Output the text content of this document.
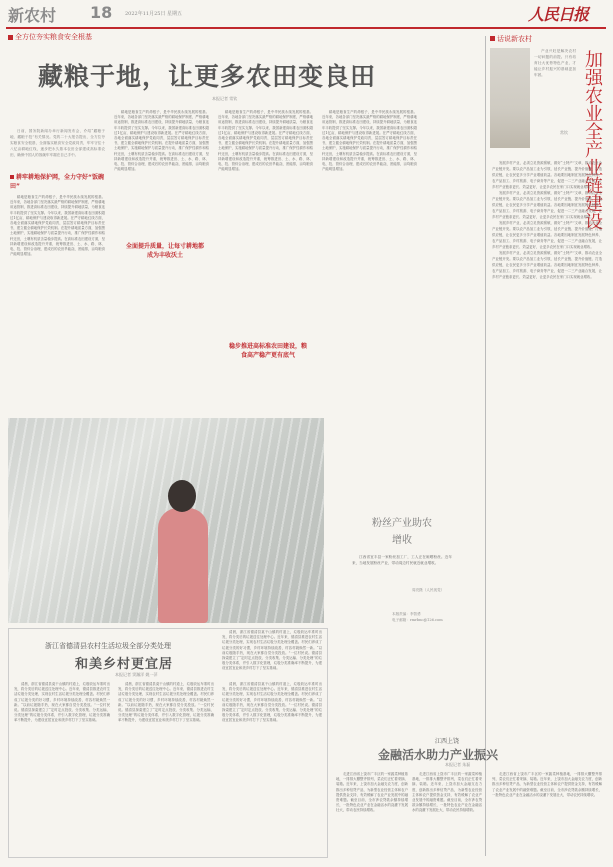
新农村 18	2022年11月25日 星期五	人民日报
全方位夯实粮食安全根基
藏粮于地，让更多农田变良田
本报记者 常钦

日前，国务院新闻办举行新闻发布会，介绍“藏粮于地、藏粮于技”有关情况。党的二十大报告提出，全方位夯实粮食安全根基，全面落实粮食安全党政同责，牢牢守住十八亿亩耕地红线，逐步把永久基本农田全部建成高标准农田，确保中国人的饭碗牢牢端在自己手中。

耕牢耕地保护网，全力守好“饭碗田”

耕地是粮食生产的命根子，是中华民族永续发展的根基。近年来，各地各部门坚决落实最严格的耕地保护制度，严格耕地用途管制，推进高标准农田建设，持续提升耕地质量，为粮食连年丰收提供了坚实支撑。今年以来，我国新建高标准农田面积超过1亿亩，耕地保护与建设取得新进展。在严守耕地红线方面，各地全面落实耕地保护党政同责，层层签订耕地保护目标责任书，建立健全耕地保护长效机制。在提升耕地质量方面，加强黑土地保护，实施耕地保护与质量提升行动，推广保护性耕作和秸秆还田，土壤有机质含量稳步提高。在高标准农田建设方面，坚持新增建设和改造提升并重，统筹推进田、土、水、路、林、电、技、管综合治理，建成后的农田旱能浇、涝能排，亩均粮食产能明显增加。

耕地是粮食生产的命根子，是中华民族永续发展的根基。近年来，各地各部门坚决落实最严格的耕地保护制度，严格耕地用途管制，推进高标准农田建设，持续提升耕地质量，为粮食连年丰收提供了坚实支撑。今年以来，我国新建高标准农田面积超过1亿亩，耕地保护与建设取得新进展。在严守耕地红线方面，各地全面落实耕地保护党政同责，层层签订耕地保护目标责任书，建立健全耕地保护长效机制。在提升耕地质量方面，加强黑土地保护，实施耕地保护与质量提升行动，推广保护性耕作和秸秆还田，土壤有机质含量稳步提高。在高标准农田建设方面，坚持新增建设和改造提升并重，统筹推进田、土、水、路、林、电、技、管综合治理，建成后的农田旱能浇、涝能排，亩均粮食产能明显增加。

全面提升质量，让每寸耕地都成为丰收沃土

耕地是粮食生产的命根子，是中华民族永续发展的根基。近年来，各地各部门坚决落实最严格的耕地保护制度，严格耕地用途管制，推进高标准农田建设，持续提升耕地质量，为粮食连年丰收提供了坚实支撑。今年以来，我国新建高标准农田面积超过1亿亩，耕地保护与建设取得新进展。在严守耕地红线方面，各地全面落实耕地保护党政同责，层层签订耕地保护目标责任书，建立健全耕地保护长效机制。在提升耕地质量方面，加强黑土地保护，实施耕地保护与质量提升行动，推广保护性耕作和秸秆还田，土壤有机质含量稳步提高。在高标准农田建设方面，坚持新增建设和改造提升并重，统筹推进田、土、水、路、林、电、技、管综合治理，建成后的农田旱能浇、涝能排，亩均粮食产能明显增加。

稳步推进高标准农田建设，粮食高产稳产更有底气

耕地是粮食生产的命根子，是中华民族永续发展的根基。近年来，各地各部门坚决落实最严格的耕地保护制度，严格耕地用途管制，推进高标准农田建设，持续提升耕地质量，为粮食连年丰收提供了坚实支撑。今年以来，我国新建高标准农田面积超过1亿亩，耕地保护与建设取得新进展。在严守耕地红线方面，各地全面落实耕地保护党政同责，层层签订耕地保护目标责任书，建立健全耕地保护长效机制。在提升耕地质量方面，加强黑土地保护，实施耕地保护与质量提升行动，推广保护性耕作和秸秆还田，土壤有机质含量稳步提高。在高标准农田建设方面，坚持新增建设和改造提升并重，统筹推进田、土、水、路、林、电、技、管综合治理，建成后的农田旱能浇、涝能排，亩均粮食产能明显增加。

话说新农村

产业兴旺是解决农村一切问题的前提。只有培育壮大优势特色产业，才能让乡村振兴的基础更加牢固。	加强农业全产业链建设
常钦

发展乡村产业，必须立足资源禀赋，做好“土特产”文章，推动农业全产业链开发。要以农产品加工业为引领，延长产业链、提升价值链、打造供应链，让农民更多分享产业增值收益。各地要因地制宜发展特色种养、农产品加工、乡村旅游、电子商务等产业，促进一二三产业融合发展，让乡村产业链条更长、效益更好，让更多农民在家门口实现就业增收。

发展乡村产业，必须立足资源禀赋，做好“土特产”文章，推动农业全产业链开发。要以农产品加工业为引领，延长产业链、提升价值链、打造供应链，让农民更多分享产业增值收益。各地要因地制宜发展特色种养、农产品加工、乡村旅游、电子商务等产业，促进一二三产业融合发展，让乡村产业链条更长、效益更好，让更多农民在家门口实现就业增收。

发展乡村产业，必须立足资源禀赋，做好“土特产”文章，推动农业全产业链开发。要以农产品加工业为引领，延长产业链、提升价值链、打造供应链，让农民更多分享产业增值收益。各地要因地制宜发展特色种养、农产品加工、乡村旅游、电子商务等产业，促进一二三产业融合发展，让乡村产业链条更长、效益更好，让更多农民在家门口实现就业增收。

发展乡村产业，必须立足资源禀赋，做好“土特产”文章，推动农业全产业链开发。要以农产品加工业为引领，延长产业链、提升价值链、打造供应链，让农民更多分享产业增值收益。各地要因地制宜发展特色种养、农产品加工、乡村旅游、电子商务等产业，促进一二三产业融合发展，让乡村产业链条更长、效益更好，让更多农民在家门口实现就业增收。

粉丝产业助农增收

江西省宜丰县一家粉丝加工厂，工人正在晾晒粉丝。近年来，当地发展粉丝产业，带动周边村民就近就业增收。

周亮摄（人民视觉）
本版责编：李智勇
电子邮箱：rmrbnc@126.com
浙江省德清县农村生活垃圾全部分类处理
和美乡村更宜居
本报记者 窦瀚洋 姚一萍

清晨，浙江省德清县莫干山镇的村道上，垃圾收运车准时出发，将分类后的垃圾送往处理中心。近年来，德清县推进农村生活垃圾分类处理，实现农村生活垃圾分类处理全覆盖。村民们养成了垃圾分类的好习惯，乡村环境持续改善，村容村貌焕然一新。“以前垃圾随手扔，现在大家都自觉分类投放。”一位村民说。德清县探索建立了“定时定点投放、分类收集、分类运输、分类处理”的垃圾分类体系，并引入数字化管理，垃圾分类准确率不断提升，为建设宜居宜业和美乡村打下了坚实基础。

清晨，浙江省德清县莫干山镇的村道上，垃圾收运车准时出发，将分类后的垃圾送往处理中心。近年来，德清县推进农村生活垃圾分类处理，实现农村生活垃圾分类处理全覆盖。村民们养成了垃圾分类的好习惯，乡村环境持续改善，村容村貌焕然一新。“以前垃圾随手扔，现在大家都自觉分类投放。”一位村民说。德清县探索建立了“定时定点投放、分类收集、分类运输、分类处理”的垃圾分类体系，并引入数字化管理，垃圾分类准确率不断提升，为建设宜居宜业和美乡村打下了坚实基础。

清晨，浙江省德清县莫干山镇的村道上，垃圾收运车准时出发，将分类后的垃圾送往处理中心。近年来，德清县推进农村生活垃圾分类处理，实现农村生活垃圾分类处理全覆盖。村民们养成了垃圾分类的好习惯，乡村环境持续改善，村容村貌焕然一新。“以前垃圾随手扔，现在大家都自觉分类投放。”一位村民说。德清县探索建立了“定时定点投放、分类收集、分类运输、分类处理”的垃圾分类体系，并引入数字化管理，垃圾分类准确率不断提升，为建设宜居宜业和美乡村打下了坚实基础。

清晨，浙江省德清县莫干山镇的村道上，垃圾收运车准时出发，将分类后的垃圾送往处理中心。近年来，德清县推进农村生活垃圾分类处理，实现农村生活垃圾分类处理全覆盖。村民们养成了垃圾分类的好习惯，乡村环境持续改善，村容村貌焕然一新。“以前垃圾随手扔，现在大家都自觉分类投放。”一位村民说。德清县探索建立了“定时定点投放、分类收集、分类运输、分类处理”的垃圾分类体系，并引入数字化管理，垃圾分类准确率不断提升，为建设宜居宜业和美乡村打下了坚实基础。

江西上饶
金融活水助力产业振兴
本报记者 朱磊

走进江西省上饶市广丰区的一家蔬菜种植基地，一排排大棚整齐排列，菜农们正忙着采摘、装箱。近年来，上饶市加大金融支农力度，创新推出多种信贷产品，为新型农业经营主体和农户提供资金支持，有效缓解了农业产业发展中的融资难题。截至目前，全市涉农贷款余额持续增长，一批特色农业产业在金融活水的浇灌下发展壮大，带动农民持续增收。

走进江西省上饶市广丰区的一家蔬菜种植基地，一排排大棚整齐排列，菜农们正忙着采摘、装箱。近年来，上饶市加大金融支农力度，创新推出多种信贷产品，为新型农业经营主体和农户提供资金支持，有效缓解了农业产业发展中的融资难题。截至目前，全市涉农贷款余额持续增长，一批特色农业产业在金融活水的浇灌下发展壮大，带动农民持续增收。

走进江西省上饶市广丰区的一家蔬菜种植基地，一排排大棚整齐排列，菜农们正忙着采摘、装箱。近年来，上饶市加大金融支农力度，创新推出多种信贷产品，为新型农业经营主体和农户提供资金支持，有效缓解了农业产业发展中的融资难题。截至目前，全市涉农贷款余额持续增长，一批特色农业产业在金融活水的浇灌下发展壮大，带动农民持续增收。
